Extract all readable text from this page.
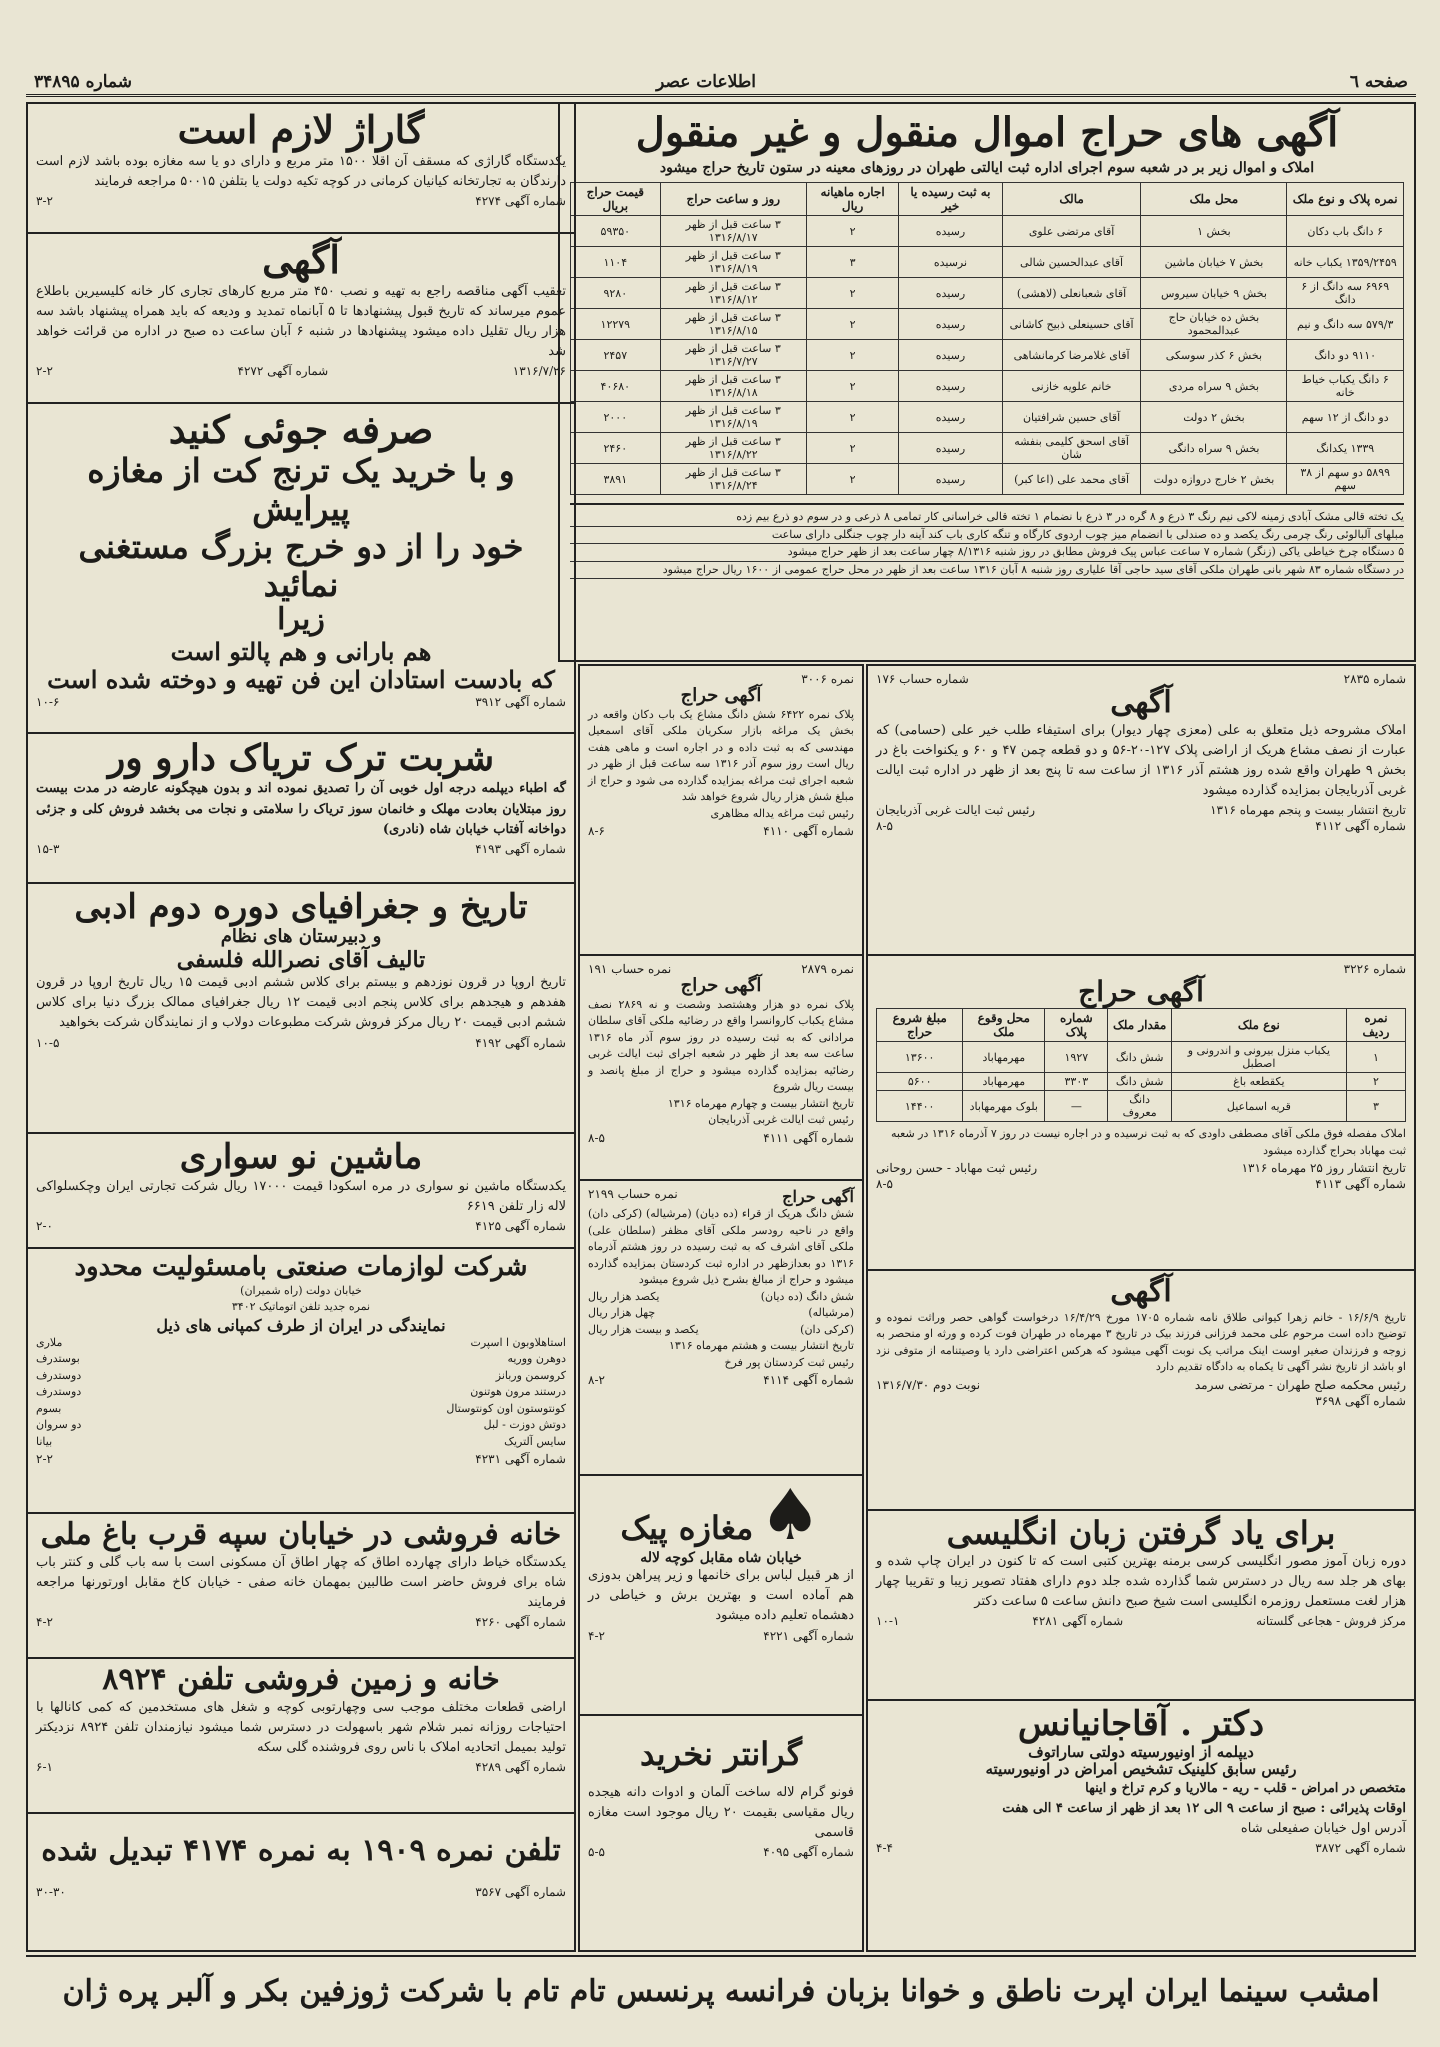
صفحه ٦
اطلاعات عصر
شماره ۳۴۸۹۵
آگهی های حراج اموال منقول و غیر منقول
املاک و اموال زیر بر در شعبه سوم اجرای اداره ثبت ایالتی طهران در روزهای معینه در ستون تاریخ حراج میشود
نمره پلاک و نوع ملک	محل ملک	مالک	به ثبت رسیده یا خیر	اجاره ماهیانه ریال	روز و ساعت حراج	قیمت حراج بریال
۶ دانگ باب دکان	بخش ۱	آقای مرتضی علوی	رسیده	۲	۳ ساعت قبل از ظهر ۱۳۱۶/۸/۱۷	۵۹۳۵۰
۱۳۵۹/۲۴۵۹ یکباب خانه	بخش ۷ خیابان ماشین	آقای عبدالحسین شالی	نرسیده	۳	۳ ساعت قبل از ظهر ۱۳۱۶/۸/۱۹	۱۱۰۴
۶۹۶۹ سه دانگ از ۶ دانگ	بخش ۹ خیابان سیروس	آقای شعبانعلی (لاهشی)	رسیده	۲	۳ ساعت قبل از ظهر ۱۳۱۶/۸/۱۲	۹۲۸۰
۵۷۹/۳ سه دانگ و نیم	بخش ده خیابان حاج عبدالمحمود	آقای حسینعلی ذبیح کاشانی	رسیده	۲	۳ ساعت قبل از ظهر ۱۳۱۶/۸/۱۵	۱۲۲۷۹
۹۱۱۰ دو دانگ	بخش ۶ کذر سوسکی	آقای غلامرضا کرمانشاهی	رسیده	۲	۳ ساعت قبل از ظهر ۱۳۱۶/۷/۲۷	۲۴۵۷
۶ دانگ یکباب خیاط خانه	بخش ۹ سراه مردی	خانم علویه خازنی	رسیده	۲	۳ ساعت قبل از ظهر ۱۳۱۶/۸/۱۸	۴۰۶۸۰
دو دانگ از ۱۲ سهم	بخش ۲ دولت	آقای حسین شرافتیان	رسیده	۲	۳ ساعت قبل از ظهر ۱۳۱۶/۸/۱۹	۲۰۰۰
۱۳۳۹ یکدانگ	بخش ۹ سراه دانگی	آقای اسحق کلیمی بنفشه شان	رسیده	۲	۳ ساعت قبل از ظهر ۱۳۱۶/۸/۲۲	۲۴۶۰
۵۸۹۹ دو سهم از ۳۸ سهم	بخش ۲ خارج دروازه دولت	آقای محمد علی (اعا کبر)	رسیده	۲	۳ ساعت قبل از ظهر ۱۳۱۶/۸/۲۴	۳۸۹۱
یک تخته قالی مشک آبادی زمینه لاکی نیم رنگ ۳ ذرع و ۸ گره در ۳ ذرع با نضمام ۱ تخته قالی خراسانی کار تمامی ۸ ذرعی و در سوم دو ذرع بیم زده
مبلهای آلبالوئی رنگ چرمی رنگ یکصد و ده صندلی با انضمام میز چوب اردوی کارگاه و تنگه کاری باب کند آینه دار چوب جنگلی دارای ساعت
۵ دستگاه چرخ خیاطی یاکی (زنگر) شماره ۷ ساعت عباس پیک فروش مطابق در روز شنبه ۸/۱۳۱۶ چهار ساعت بعد از ظهر حراج میشود
در دستگاه شماره ۸۳ شهر بانی طهران ملکی آقای سید حاجی آقا علیاری روز شنبه ۸ آبان ۱۳۱۶ ساعت بعد از ظهر در محل حراج عمومی از ۱۶۰۰ ریال حراج میشود
گاراژ لازم است
یکدستگاه گاراژی که مسقف آن اقلا ۱۵۰۰ متر مربع و دارای دو یا سه مغازه بوده باشد لازم است دارندگان به تجارتخانه کیانیان کرمانی در کوچه تکیه دولت یا بتلفن ۵۰۰۱۵ مراجعه فرمایند
شماره آگهی ۴۲۷۴
۳-۲
آگهی
تعقیب آگهی مناقصه راجع به تهیه و نصب ۴۵۰ متر مربع کارهای تجاری کار خانه کلیسیرین باطلاع عموم میرساند که تاریخ قبول پیشنهادها تا ۵ آبانماه تمدید و ودیعه که باید همراه پیشنهاد باشد سه هزار ریال تقلیل داده میشود پیشنهادها در شنبه ۶ آبان ساعت ده صبح در اداره من قرائت خواهد شد
۱۳۱۶/۷/۲۶
شماره آگهی ۴۲۷۲
۲-۲
صرفه جوئی کنید
و با خرید یک ترنج کت از مغازه پیرایش
خود را از دو خرج بزرگ مستغنی نمائید
زیرا
هم بارانی و هم پالتو است
که بادست استادان این فن تهیه و دوخته شده است
شماره آگهی ۳۹۱۲
۱۰-۶
شربت ترک تریاک دارو ور
گه اطباء دیپلمه درجه اول خوبی آن را تصدیق نموده اند و بدون هیچگونه عارضه در مدت بیست روز مبتلایان بعادت مهلک و خانمان سوز تریاک را سلامتی و نجات می بخشد فروش کلی و جزئی دواخانه آفتاب خیابان شاه (نادری)
شماره آگهی ۴۱۹۳
۱۵-۳
تاریخ و جغرافیای دوره دوم ادبی
و دبیرستان های نظام
تالیف آقای نصرالله فلسفی
تاریخ اروپا در قرون نوزدهم و بیستم برای کلاس ششم ادبی قیمت ۱۵ ریال تاریخ اروپا در قرون هفدهم و هیجدهم برای کلاس پنجم ادبی قیمت ۱۲ ریال جغرافیای ممالک بزرگ دنیا برای کلاس ششم ادبی قیمت ۲۰ ریال مرکز فروش شرکت مطبوعات دولاب و از نمایندگان شرکت بخواهید
شماره آگهی ۴۱۹۲
۱۰-۵
ماشین نو سواری
یکدستگاه ماشین نو سواری در مره اسکودا قیمت ۱۷۰۰۰ ریال شرکت تجارتی ایران وچکسلواکی لاله زار تلفن ۶۶۱۹
شماره آگهی ۴۱۲۵
۲-۰
شرکت لوازمات صنعتی بامسئولیت محدود
خیابان دولت (راه شمیران)
نمره جدید تلفن اتوماتیک ۳۴۰۲
نمایندگی در ایران از طرف کمپانی های ذیل
استاهلاوبون ا اسپرت
ملاری
دوهرن ووریه
بوستدرف
کروسمن وربانز
دوستدرف
درستند مرون هوتنون
دوستدرف
کونتوستون اون کونتوستال
بسوم
دوتش دوزت - لبل
دو سروان
سایس آلتریک
بیانا
شماره آگهی ۴۲۳۱
۲-۲
خانه فروشی در خیابان سپه قرب باغ ملی
یکدستگاه خیاط دارای چهارده اطاق که چهار اطاق آن مسکونی است با سه باب گلی و کنتر باب شاه برای فروش حاضر است طالبین بمهمان خانه صفی - خیابان کاخ مقابل اورتورنها مراجعه فرمایند
شماره آگهی ۴۲۶۰
۴-۲
خانه و زمین فروشی تلفن ۸۹۲۴
اراضی قطعات مختلف موجب سی وچهارتوبی کوچه و شغل های مستخدمین که کمی کانالها با احتیاجات روزانه نمبر شلام شهر باسهولت در دسترس شما میشود نیازمندان تلفن ۸۹۲۴ نزدیکتر تولید بمیمل اتحادیه املاک با ناس روی فروشنده گلی سکه
شماره آگهی ۴۲۸۹
۶-۱
تلفن نمره ۱۹۰۹ به نمره ۴۱۷۴ تبدیل شده
شماره آگهی ۳۵۶۷
۳۰-۳۰
نمره ۳۰۰۶
آگهی حراج
پلاک نمره ۶۴۲۲ شش دانگ مشاع یک باب دکان واقعه در بخش یک مراغه بازار سکریان ملکی آقای اسمعیل مهندسی که به ثبت داده و در اجاره است و ماهی هفت ریال است روز سوم آذر ۱۳۱۶ سه ساعت قبل از ظهر در شعبه اجرای ثبت مراغه بمزایده گذارده می شود و حراج از مبلغ شش هزار ریال شروع خواهد شد
رئیس ثبت مراغه یداله مظاهری
شماره آگهی ۴۱۱۰
۸-۶
نمره ۲۸۷۹
نمره حساب ۱۹۱
آگهی حراج
پلاک نمره دو هزار وهشتصد وشصت و نه ۲۸۶۹ نصف مشاع یکباب کاروانسرا واقع در رضائیه ملکی آقای سلطان مرادانی که به ثبت رسیده در روز سوم آذر ماه ۱۳۱۶ ساعت سه بعد از ظهر در شعبه اجرای ثبت ایالت غربی رضائیه بمزایده گذارده میشود و حراج از مبلغ پانصد و بیست ریال شروع
تاریخ انتشار بیست و چهارم مهرماه ۱۳۱۶
رئیس ثبت ایالت غربی آذربایجان
شماره آگهی ۴۱۱۱
۸-۵
آگهی حراج
نمره حساب ۲۱۹۹
شش دانگ هریک از قراء (ده دیان) (مرشیاله) (کرکی دان) واقع در ناحیه رودسر ملکی آقای مظفر (سلطان علی) ملکی آقای اشرف که به ثبت رسیده در روز هشتم آذرماه ۱۳۱۶ دو بعدازظهر در اداره ثبت کردستان بمزایده گذارده میشود و حراج از مبالغ بشرح ذیل شروع میشود
شش دانگ (ده دیان)
یکصد هزار ریال
(مرشیاله)
چهل هزار ریال
(کرکی دان)
یکصد و بیست هزار ریال
تاریخ انتشار بیست و هشتم مهرماه ۱۳۱۶
رئیس ثبت کردستان پور فرخ
شماره آگهی ۴۱۱۴
۸-۲
♠ مغازه پیک
خیابان شاه مقابل کوچه لاله
از هر قبیل لباس برای خانمها و زیر پیراهن بدوزی هم آماده است و بهترین برش و خیاطی در دهشماه تعلیم داده میشود
شماره آگهی ۴۲۲۱
۴-۲
گرانتر نخرید
فونو گرام لاله ساخت آلمان و ادوات دانه هیجده ریال مقیاسی بقیمت ۲۰ ریال موجود است مغازه قاسمی
شماره آگهی ۴۰۹۵
۵-۵
شماره ۲۸۳۵
شماره حساب ۱۷۶
آگهی
املاک مشروحه ذیل متعلق به علی (معزی چهار دیوار) برای استیفاء طلب خیر علی (حسامی) که عبارت از نصف مشاع هریک از اراضی پلاک ۱۲۷-۲۰-۵۶ و دو قطعه چمن ۴۷ و ۶۰ و یکنواخت باغ در بخش ۹ طهران واقع شده روز هشتم آذر ۱۳۱۶ از ساعت سه تا پنج بعد از ظهر در اداره ثبت ایالت غربی آذربایجان بمزایده گذارده میشود
تاریخ انتشار بیست و پنجم مهرماه ۱۳۱۶
رئیس ثبت ایالت غربی آذربایجان
شماره آگهی ۴۱۱۲
۸-۵
شماره ۳۲۲۶
آگهی حراج
نمره ردیف	نوع ملک	مقدار ملک	شماره پلاک	محل وقوع ملک	مبلغ شروع حراج
۱	یکباب منزل بیرونی و اندرونی و اصطبل	شش دانگ	۱۹۲۷	مهرمهاباد	۱۳۶۰۰
۲	یکقطعه باغ	شش دانگ	۳۳۰۳	مهرمهاباد	۵۶۰۰
۳	قریه اسماعیل	دانگ معروف	—	بلوک مهرمهاباد	۱۴۴۰۰
املاک مفصله فوق ملکی آقای مصطفی داودی که به ثبت نرسیده و در اجاره نیست در روز ۷ آذرماه ۱۳۱۶ در شعبه ثبت مهاباد بحراج گذارده میشود
تاریخ انتشار روز ۲۵ مهرماه ۱۳۱۶
رئیس ثبت مهاباد - حسن روحانی
شماره آگهی ۴۱۱۳
۸-۵
آگهی
تاریخ ۱۶/۶/۹ - خانم زهرا کیوانی طلاق نامه شماره ۱۷۰۵ مورخ ۱۶/۴/۲۹ درخواست گواهی حصر وراثت نموده و توضیح داده است مرحوم علی محمد فرزانی فرزند بیک در تاریخ ۳ مهرماه در طهران فوت کرده و ورثه او منحصر به زوجه و فرزندان صغیر اوست اینک مراتب یک نوبت آگهی میشود که هرکس اعتراضی دارد یا وصیتنامه از متوفی نزد او باشد از تاریخ نشر آگهی تا یکماه به دادگاه تقدیم دارد
رئیس محکمه صلح طهران - مرتضی سرمد
نوبت دوم ۱۳۱۶/۷/۳۰
شماره آگهی ۳۶۹۸
برای یاد گرفتن زبان انگلیسی
دوره زبان آموز مصور انگلیسی کرسی برمنه بهترین کتبی است که تا کنون در ایران چاپ شده و بهای هر جلد سه ریال در دسترس شما گذارده شده جلد دوم دارای هفتاد تصویر زیبا و تقریبا چهار هزار لغت مستعمل روزمره انگلیسی است شیخ صبح دانش ساعت ۵ ساعت دکتر
مرکز فروش - هجاعی گلستانه
شماره آگهی ۴۲۸۱
۱۰-۱
دکتر . آقاجانیانس
دیپلمه از اونیورسیته دولتی ساراتوف
رئیس سابق کلینیک تشخیص امراض در اونیورسیته
متخصص در امراض - قلب - ریه - مالاریا و کرم تراخ و اینها
اوقات پذیرائی : صبح از ساعت ۹ الی ۱۲ بعد از ظهر از ساعت ۴ الی هفت
آدرس اول خیابان صفیعلی شاه
شماره آگهی ۳۸۷۲
۴-۴
امشب سینما ایران اپرت ناطق و خوانا بزبان فرانسه پرنسس تام تام با شرکت ژوزفین بکر و آلبر پره ژان
